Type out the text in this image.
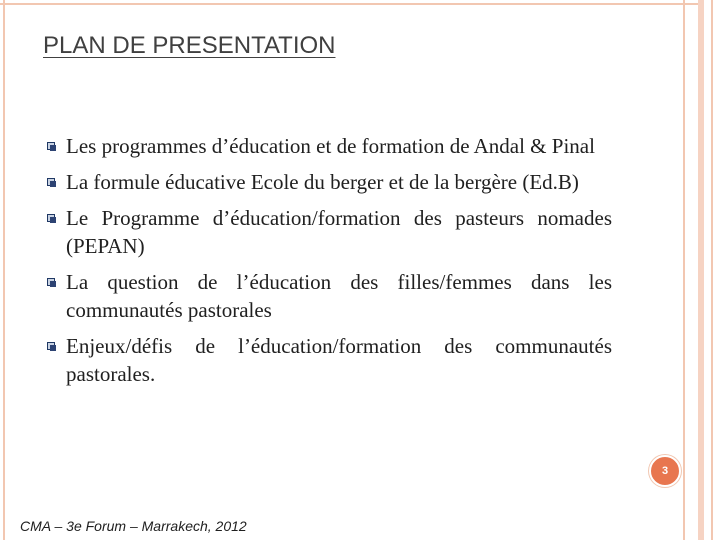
PLAN DE PRESENTATION
Les programmes d’éducation et de formation de Andal & Pinal
La formule éducative Ecole du berger et de la bergère (Ed.B)
Le Programme d’éducation/formation des pasteurs nomades (PEPAN)
La question de l’éducation des filles/femmes dans les communautés pastorales
Enjeux/défis de l’éducation/formation des communautés pastorales.
3
CMA – 3e Forum – Marrakech, 2012
